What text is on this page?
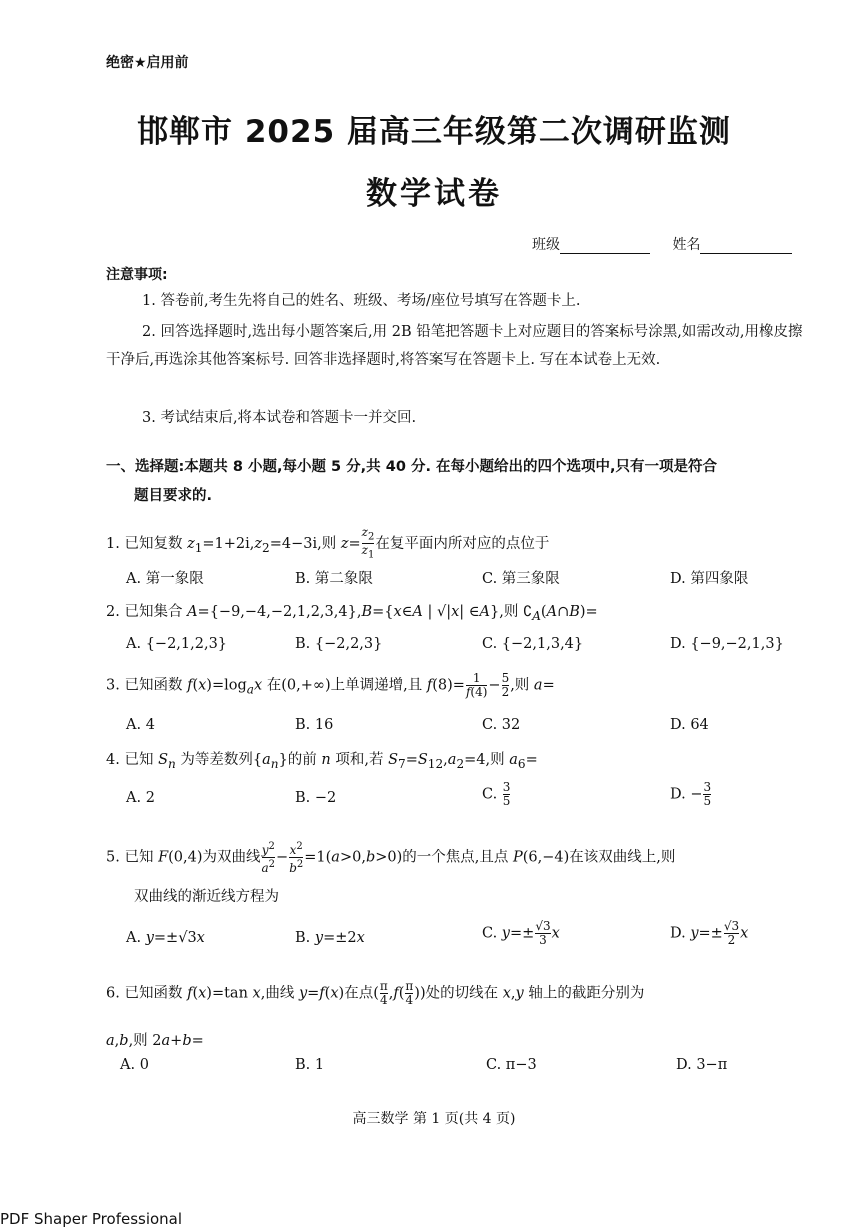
绝密★启用前
邯郸市 2025 届高三年级第二次调研监测
数学试卷
班级	姓名
注意事项:
1. 答卷前,考生先将自己的姓名、班级、考场/座位号填写在答题卡上.
2. 回答选择题时,选出每小题答案后,用 2B 铅笔把答题卡上对应题目的答案标号涂黑,如需改动,用橡皮擦干净后,再选涂其他答案标号. 回答非选择题时,将答案写在答题卡上. 写在本试卷上无效.
3. 考试结束后,将本试卷和答题卡一并交回.
一、选择题:本题共 8 小题,每小题 5 分,共 40 分. 在每小题给出的四个选项中,只有一项是符合
题目要求的.
1. 已知复数 $z_1=1+2i,z_2=4-3i$,则 $z= \frac{z_2}{z_1}$ 在复平面内所对应的点位于
A. 第一象限	B. 第二象限	C. 第三象限	D. 第四象限
2. 已知集合 A={−9,−4,−2,1,2,3,4},B={x∈A | √|x| ∈A},则 $∁_A(A\cap B)=$
A. {−2,1,2,3}	B. {−2,2,3}	C. {−2,1,3,4}	D. {−9,−2,1,3}
3. 已知函数 $f(x)=\log_ax$ 在(0,+∞)上单调递增,且 $f(8)= \frac{1}{f(4)} - \frac{5}{2}$ ,则 a=
A. 4	B. 16	C. 32	D. 64
4. 已知 $S_n$ 为等差数列$\{a_n\}$的前 n 项和,若 $S_7=S_{12},a_2=4$,则 $a_6=$
A. 2	B. −2	C. $\frac{3}{5}$	D. − $\frac{3}{5}$
5. 已知 F(0,4)为双曲线 $\frac{y^2}{a^2} - \frac{x^2}{b^2} =1(a>0,b>0)$的一个焦点,且点 P(6,−4)在该双曲线上,则
双曲线的渐近线方程为
A. y=±√3x	B. y=±2x	C. $y=\pm \frac{√3}{3}$ x	D. $y=\pm \frac{√3}{2}$ x
6. 已知函数 f(x)=tan x,曲线 y=f(x)在点( $\frac{\pi}{4} ,f( \frac{\pi}{4}$ ))处的切线在 x,y 轴上的截距分别为
a,b,则 2a+b=
A. 0	B. 1	C. π−3	D. 3−π
高三数学 第 1 页(共 4 页)
PDF Shaper Professional
